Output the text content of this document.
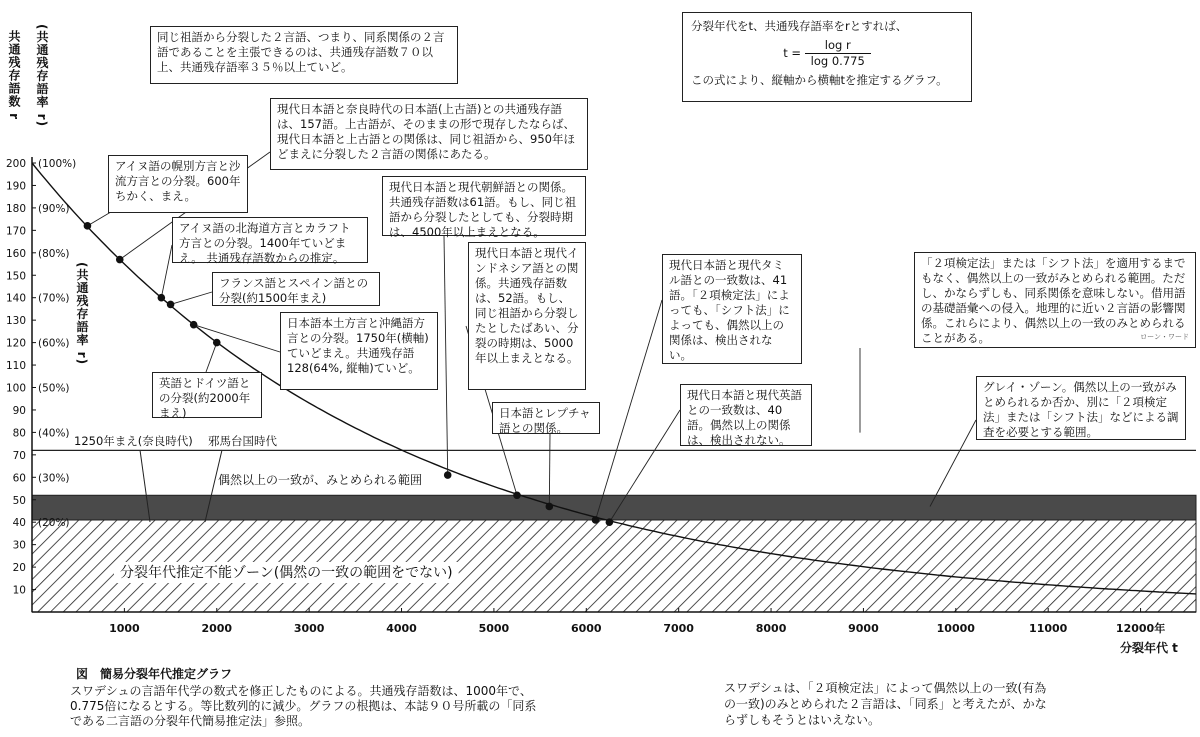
分裂年代推定不能ゾーン(偶然の一致の範囲をでない)
偶然以上の一致が、みとめられる範囲
1250年まえ(奈良時代) 邪馬台国時代
10
20
30
40
50
60
70
80
90
100
110
120
130
140
150
160
170
180
190
200 (100%)
(90%)
(80%)
(70%)
(60%)
(50%)
(40%)
(30%)
(20%)
1000	2000	3000	4000	5000	6000	7000	8000	9000	10000	11000	12000年
共通残存語数 r (共通残存語率 r)
(共通残存語率 r)
分裂年代 t
分裂年代をt、共通残存語率をrとすれば、
$t = \frac{\text{log r}}{\log 0.775}$
この式により、縦軸から横軸tを推定するグラフ。
同じ祖語から分裂した２言語、つまり、同系関係の２言語であることを主張できるのは、共通残存語数７０以上、共通残存語率３５％以上ていど。
アイヌ語の幌別方言と沙流方言との分裂。600年ちかく、まえ。
現代日本語と奈良時代の日本語(上古語)との共通残存語は、157語。上古語が、そのままの形で現存したならば、現代日本語と上古語との関係は、同じ祖語から、950年ほどまえに分裂した２言語の関係にあたる。
アイヌ語の北海道方言とカラフト方言との分裂。1400年ていどまえ。 共通残存語数からの推定。
フランス語とスペイン語との分裂(約1500年まえ)
日本語本土方言と沖縄語方言との分裂。1750年(横軸)ていどまえ。共通残存語128(64%, 縦軸)ていど。
英語とドイツ語との分裂(約2000年まえ)
現代日本語と現代朝鮮語との関係。共通残存語数は61語。もし、同じ祖語から分裂したとしても、分裂時期は、4500年以上まえとなる。
現代日本語と現代インドネシア語との関係。共通残存語数は、52語。もし、同じ祖語から分裂したとしたばあい、分裂の時期は、5000年以上まえとなる。
日本語とレプチャ語との関係。
現代日本語と現代タミル語との一致数は、41語。「２項検定法」によっても、「シフト法」によっても、偶然以上の関係は、検出されない。
現代日本語と現代英語との一致数は、40語。偶然以上の関係は、検出されない。
「２項検定法」または「シフト法」を適用するまでもなく、偶然以上の一致がみとめられる範囲。ただし、かならずしも、同系関係を意味しない。借用語の基礎語彙への侵入。地理的に近い２言語の影響関係。これらにより、偶然以上の一致のみとめられることがある。	ローン・ワード
グレイ・ゾーン。偶然以上の一致がみとめられるか否か、別に「２項検定法」または「シフト法」などによる調査を必要とする範囲。
図　簡易分裂年代推定グラフ
スワデシュの言語年代学の数式を修正したものによる。共通残存語数は、1000年で、0.775倍になるとする。等比数列的に減少。グラフの根拠は、本誌９０号所載の「同系である二言語の分裂年代簡易推定法」参照。
スワデシュは、「２項検定法」によって偶然以上の一致(有為の一致)のみとめられた２言語は、「同系」と考えたが、かならずしもそうとはいえない。
